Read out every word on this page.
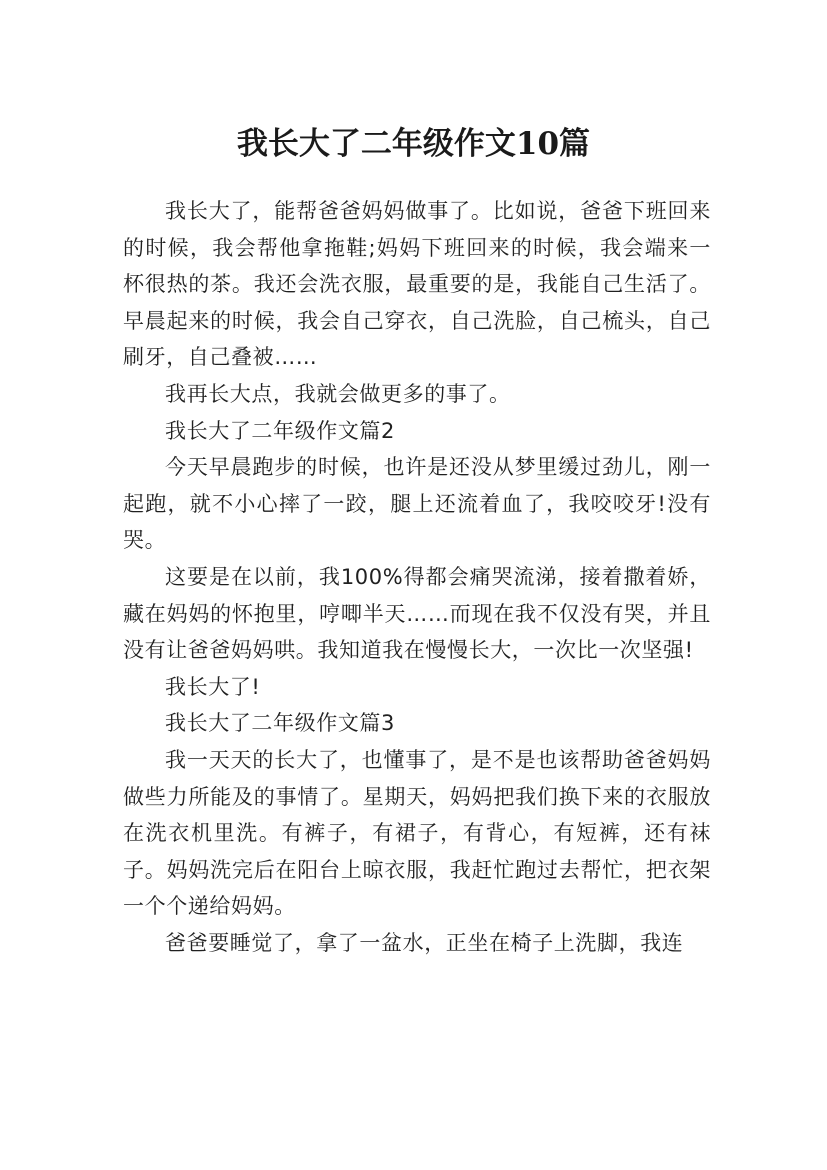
我长大了二年级作文10篇

我长大了，能帮爸爸妈妈做事了。比如说，爸爸下班回来的时候，我会帮他拿拖鞋;妈妈下班回来的时候，我会端来一杯很热的茶。我还会洗衣服，最重要的是，我能自己生活了。早晨起来的时候，我会自己穿衣，自己洗脸，自己梳头，自己刷牙，自己叠被……

我再长大点，我就会做更多的事了。

我长大了二年级作文篇2

今天早晨跑步的时候，也许是还没从梦里缓过劲儿，刚一起跑，就不小心摔了一跤，腿上还流着血了，我咬咬牙!没有哭。

这要是在以前，我100%得都会痛哭流涕，接着撒着娇，藏在妈妈的怀抱里，哼唧半天……而现在我不仅没有哭，并且没有让爸爸妈妈哄。我知道我在慢慢长大，一次比一次坚强!

我长大了!

我长大了二年级作文篇3

我一天天的长大了，也懂事了，是不是也该帮助爸爸妈妈做些力所能及的事情了。星期天，妈妈把我们换下来的衣服放在洗衣机里洗。有裤子，有裙子，有背心，有短裤，还有袜子。妈妈洗完后在阳台上晾衣服，我赶忙跑过去帮忙，把衣架一个个递给妈妈。

爸爸要睡觉了，拿了一盆水，正坐在椅子上洗脚，我连
